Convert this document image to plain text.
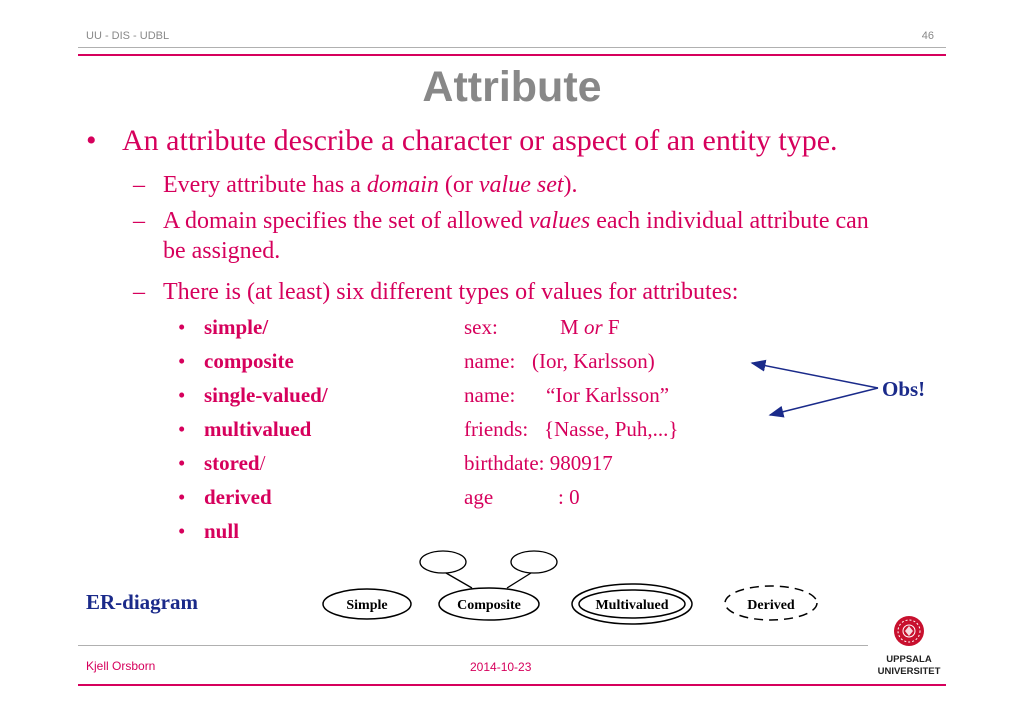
UU - DIS - UDBL	46
Attribute
• An attribute describe a character or aspect of an entity type.
– Every attribute has a domain (or value set).
– A domain specifies the set of allowed values each individual attribute can
be assigned.
– There is (at least) six different types of values for attributes:
• simple/	sex:	M or F
• composite	name: (Ior, Karlsson)
• single-valued/	name: “Ior Karlsson”
• multivalued	friends: {Nasse, Puh,...}
• stored/	birthdate: 980917
• derived	age	: 0
• null
Obs!
ER-diagram	Simple	Composite	Multivalued	Derived
Kjell Orsborn	2014-10-23
UPPSALA
UNIVERSITET
